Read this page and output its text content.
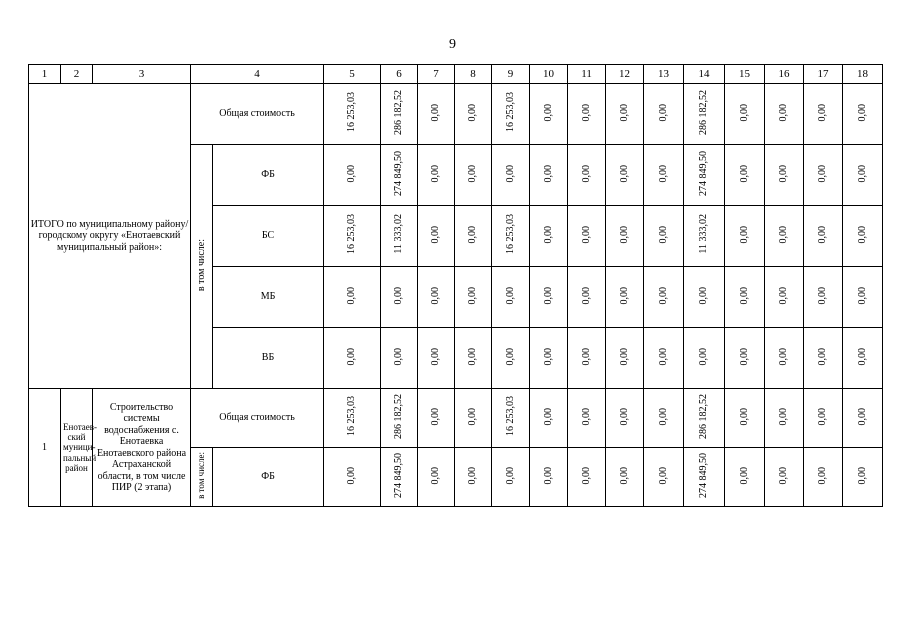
9
1	2	3	4		5	6	7	8	9	10	11	12	13	14	15	16	17	18
ИТОГО по муниципальному району/городскому округу «Енотаевский муниципальный район»:			Общая стоимость		16 253,03	286 182,52	0,00	0,00	16 253,03	0,00	0,00	0,00	0,00	286 182,52	0,00	0,00	0,00	0,00
			в том числе:	ФБ	0,00	274 849,50	0,00	0,00	0,00	0,00	0,00	0,00	0,00	274 849,50	0,00	0,00	0,00	0,00
				БС	16 253,03	11 333,02	0,00	0,00	16 253,03	0,00	0,00	0,00	0,00	11 333,02	0,00	0,00	0,00	0,00
				МБ	0,00	0,00	0,00	0,00	0,00	0,00	0,00	0,00	0,00	0,00	0,00	0,00	0,00	0,00
				ВБ	0,00	0,00	0,00	0,00	0,00	0,00	0,00	0,00	0,00	0,00	0,00	0,00	0,00	0,00
1	Енотаев-ский муници-пальный район	Строительство системы водоснабжения с. Енотаевка Енотаевского района Астраханской области, в том числе ПИР (2 этапа)	Общая стоимость		16 253,03	286 182,52	0,00	0,00	16 253,03	0,00	0,00	0,00	0,00	286 182,52	0,00	0,00	0,00	0,00
			в том числе:	ФБ	0,00	274 849,50	0,00	0,00	0,00	0,00	0,00	0,00	0,00	274 849,50	0,00	0,00	0,00	0,00
